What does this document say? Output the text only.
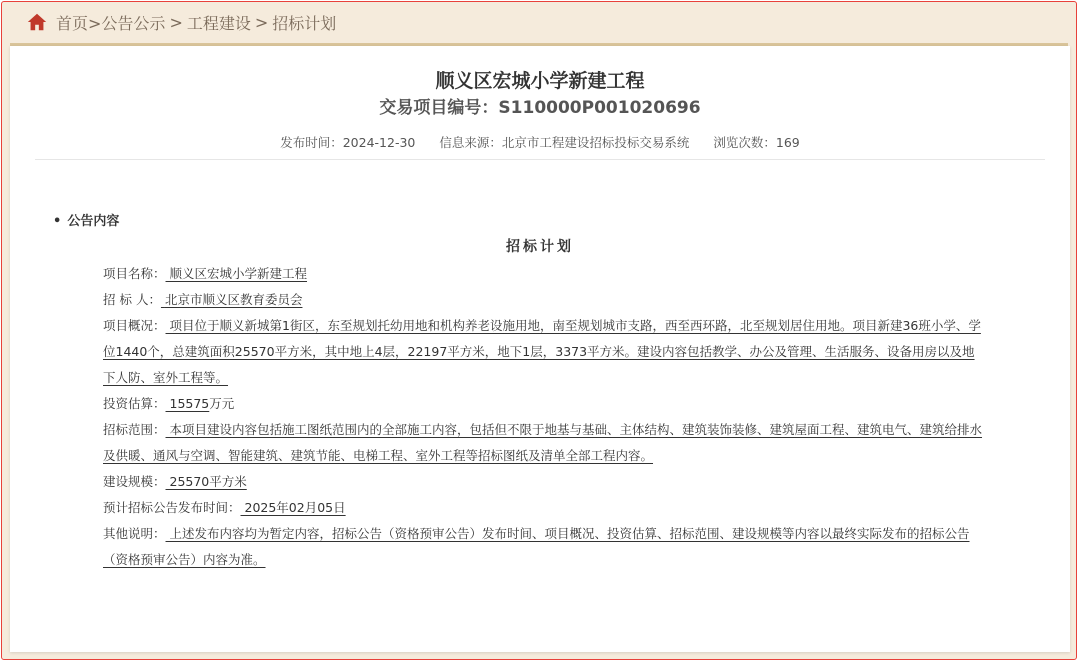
首页> 公告公示 > 工程建设 > 招标计划
顺义区宏城小学新建工程
交易项目编号：S110000P001020696
发布时间：2024-12-30 信息来源：北京市工程建设招标投标交易系统 浏览次数：169
• 公告内容
招标计划
项目名称： 顺义区宏城小学新建工程
招 标 人： 北京市顺义区教育委员会
项目概况： 项目位于顺义新城第1街区，东至规划托幼用地和机构养老设施用地，南至规划城市支路，西至西环路，北至规划居住用地。项目新建36班小学、学位1440个，总建筑面积25570平方米，其中地上4层，22197平方米，地下1层，3373平方米。建设内容包括教学、办公及管理、生活服务、设备用房以及地下人防、室外工程等。
投资估算： 15575万元
招标范围： 本项目建设内容包括施工图纸范围内的全部施工内容，包括但不限于地基与基础、主体结构、建筑装饰装修、建筑屋面工程、建筑电气、建筑给排水及供暖、通风与空调、智能建筑、建筑节能、电梯工程、室外工程等招标图纸及清单全部工程内容。
建设规模： 25570平方米
预计招标公告发布时间： 2025年02月05日
其他说明： 上述发布内容均为暂定内容，招标公告（资格预审公告）发布时间、项目概况、投资估算、招标范围、建设规模等内容以最终实际发布的招标公告（资格预审公告）内容为准。
